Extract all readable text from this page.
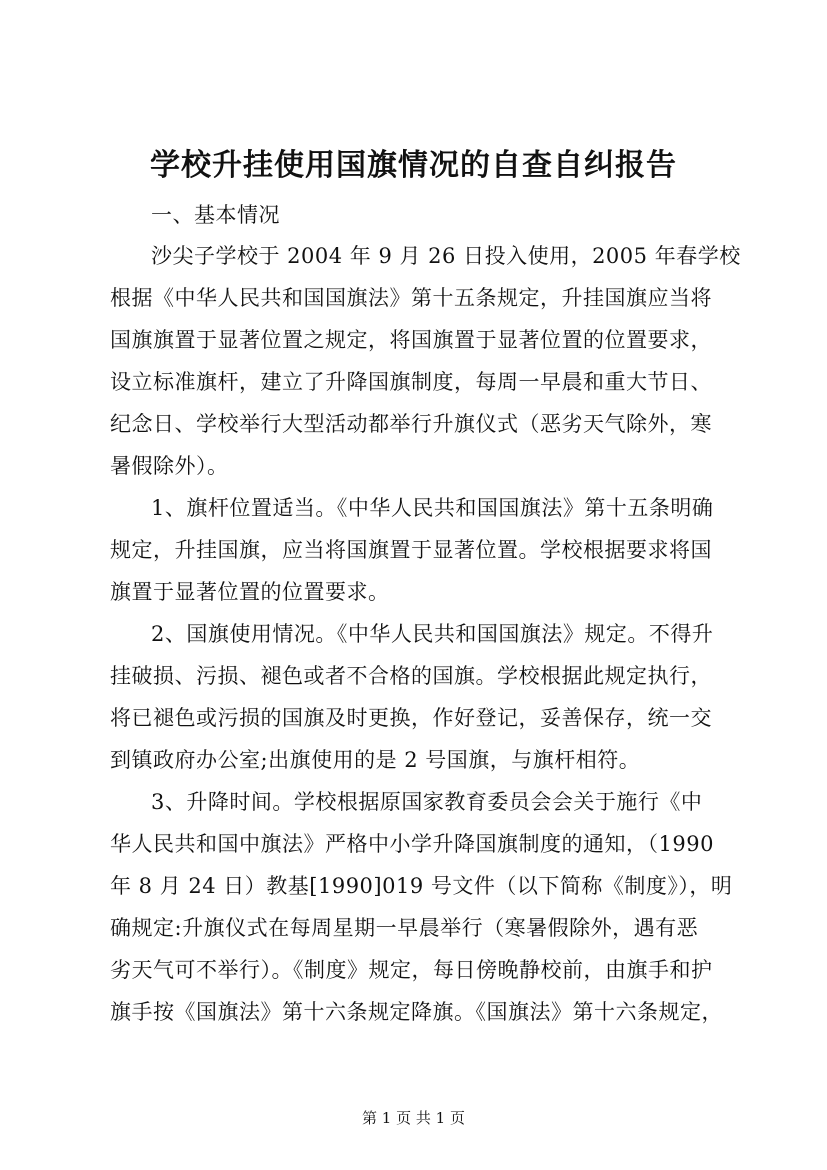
学校升挂使用国旗情况的自查自纠报告
一、基本情况
沙尖子学校于 2004 年 9 月 26 日投入使用，2005 年春学校
根据《中华人民共和国国旗法》第十五条规定，升挂国旗应当将
国旗旗置于显著位置之规定，将国旗置于显著位置的位置要求，
设立标准旗杆，建立了升降国旗制度，每周一早晨和重大节日、
纪念日、学校举行大型活动都举行升旗仪式（恶劣天气除外，寒
暑假除外）。
1、旗杆位置适当。《中华人民共和国国旗法》第十五条明确
规定，升挂国旗，应当将国旗置于显著位置。学校根据要求将国
旗置于显著位置的位置要求。
2、国旗使用情况。《中华人民共和国国旗法》规定。不得升
挂破损、污损、褪色或者不合格的国旗。学校根据此规定执行，
将已褪色或污损的国旗及时更换，作好登记，妥善保存，统一交
到镇政府办公室;出旗使用的是 2 号国旗，与旗杆相符。
3、升降时间。学校根据原国家教育委员会会关于施行《中
华人民共和国中旗法》严格中小学升降国旗制度的通知，（1990
年 8 月 24 日）教基[1990]019 号文件（以下简称《制度》），明
确规定:升旗仪式在每周星期一早晨举行（寒暑假除外，遇有恶
劣天气可不举行）。《制度》规定，每日傍晚静校前，由旗手和护
旗手按《国旗法》第十六条规定降旗。《国旗法》第十六条规定，
第 1 页 共 1 页
